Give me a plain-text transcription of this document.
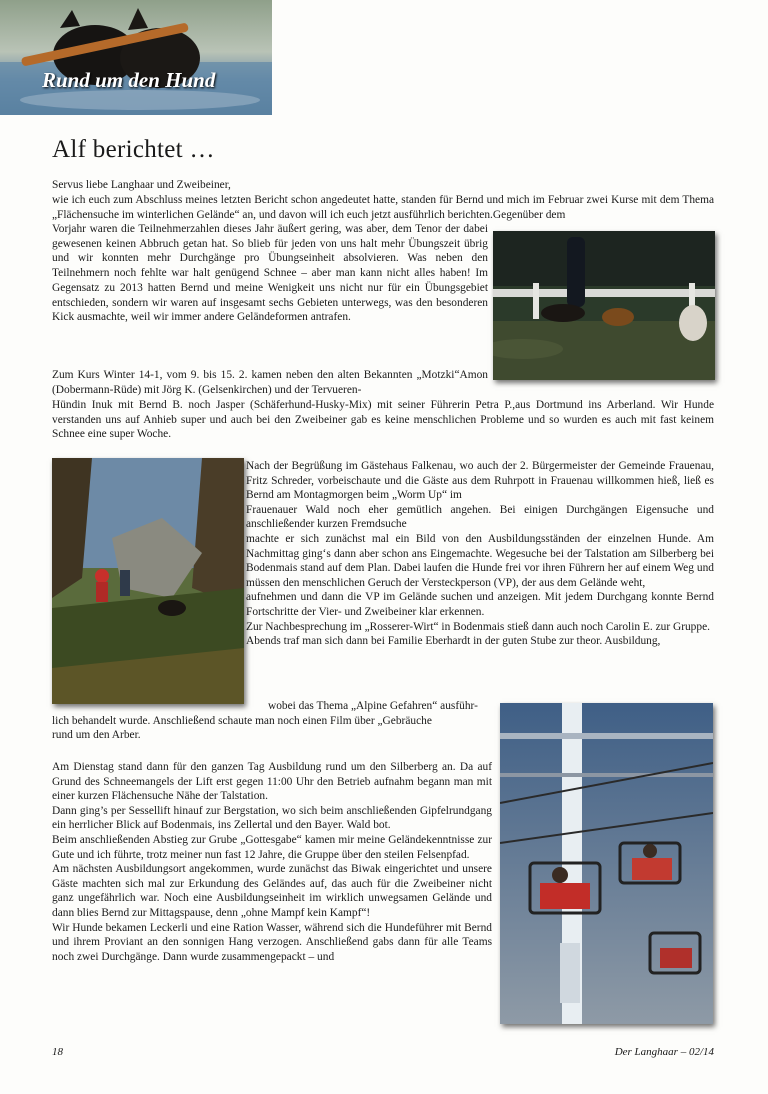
Rund um den Hund
Alf berichtet …

Servus liebe Langhaar und Zweibeiner,

wie ich euch zum Abschluss meines letzten Bericht schon angedeutet hatte, standen für Bernd und mich im Februar zwei Kurse mit dem Thema „Flächensuche im winterlichen Gelände“ an, und davon will ich euch jetzt ausführlich berichten.Gegenüber dem

Vorjahr waren die Teilnehmerzahlen dieses Jahr äußert gering, was aber, dem Tenor der dabei gewesenen keinen Abbruch getan hat. So blieb für jeden von uns halt mehr Übungszeit übrig und wir konnten mehr Durchgänge pro Übungseinheit absolvieren. Was neben den Teilnehmern noch fehlte war halt genügend Schnee – aber man kann nicht alles haben! Im Gegensatz zu 2013 hatten Bernd und meine Wenigkeit uns nicht nur für ein Übungsgebiet entschieden, sondern wir waren auf insgesamt sechs Gebieten unterwegs, was den besonderen Kick ausmachte, weil wir immer andere Geländeformen antrafen.

Zum Kurs Winter 14-1, vom 9. bis 15. 2. kamen neben den alten Bekannten „Motzki“Amon (Dobermann-Rüde) mit Jörg K. (Gelsenkirchen) und der Tervueren-

Hündin Inuk mit Bernd B. noch Jasper (Schäferhund-Husky-Mix) mit seiner Führerin Petra P.,aus Dortmund ins Arberland. Wir Hunde verstanden uns auf Anhieb super und auch bei den Zweibeiner gab es keine menschlichen Probleme und so wurden es auch mit fast keinem Schnee eine super Woche.

Nach der Begrüßung im Gästehaus Falkenau, wo auch der 2. Bürgermeister der Gemeinde Frauenau, Fritz Schreder, vorbeischaute und die Gäste aus dem Ruhrpott in Frauenau willkommen hieß, ließ es Bernd am Montagmorgen beim „Worm Up“ im

Frauenauer Wald noch eher gemütlich angehen. Bei einigen Durchgängen Eigensuche und anschließender kurzen Fremdsuche

machte er sich zunächst mal ein Bild von den Ausbildungsständen der einzelnen Hunde. Am Nachmittag ging‘s dann aber schon ans Eingemachte. Wegesuche bei der Talstation am Silberberg bei Bodenmais stand auf dem Plan. Dabei laufen die Hunde frei vor ihren Führern her auf einem Weg und müssen den menschlichen Geruch der Versteckperson (VP), der aus dem Gelände weht,

aufnehmen und dann die VP im Gelände suchen und anzeigen. Mit jedem Durchgang konnte Bernd Fortschritte der Vier- und Zweibeiner klar erkennen.

Zur Nachbesprechung im „Rosserer-Wirt“ in Bodenmais stieß dann auch noch Carolin E. zur Gruppe.

Abends traf man sich dann bei Familie Eberhardt in der guten Stube zur theor. Ausbildung,

wobei das Thema „Alpine Gefahren“ ausführ-

lich behandelt wurde. Anschließend schaute man noch einen Film über „Gebräuche

rund um den Arber.

Am Dienstag stand dann für den ganzen Tag Ausbildung rund um den Silberberg an. Da auf Grund des Schneemangels der Lift erst gegen 11:00 Uhr den Betrieb aufnahm begann man mit einer kurzen Flächensuche Nähe der Talstation.

Dann ging’s per Sessellift hinauf zur Bergstation, wo sich beim anschließenden Gipfelrundgang ein herrlicher Blick auf Bodenmais, ins Zellertal und den Bayer. Wald bot.

Beim anschließenden Abstieg zur Grube „Gottesgabe“ kamen mir meine Geländekenntnisse zur Gute und ich führte, trotz meiner nun fast 12 Jahre, die Gruppe über den steilen Felsenpfad.

Am nächsten Ausbildungsort angekommen, wurde zunächst das Biwak eingerichtet und unsere Gäste machten sich mal zur Erkundung des Geländes auf, das auch für die Zweibeiner nicht ganz ungefährlich war. Noch eine Ausbildungseinheit im wirklich unwegsamen Gelände und dann blies Bernd zur Mittagspause, denn „ohne Mampf kein Kampf“!

Wir Hunde bekamen Leckerli und eine Ration Wasser, während sich die Hundeführer mit Bernd und ihrem Proviant an den sonnigen Hang verzogen. Anschließend gabs dann für alle Teams noch zwei Durchgänge. Dann wurde zusammengepackt – und

18	Der Langhaar – 02/14
